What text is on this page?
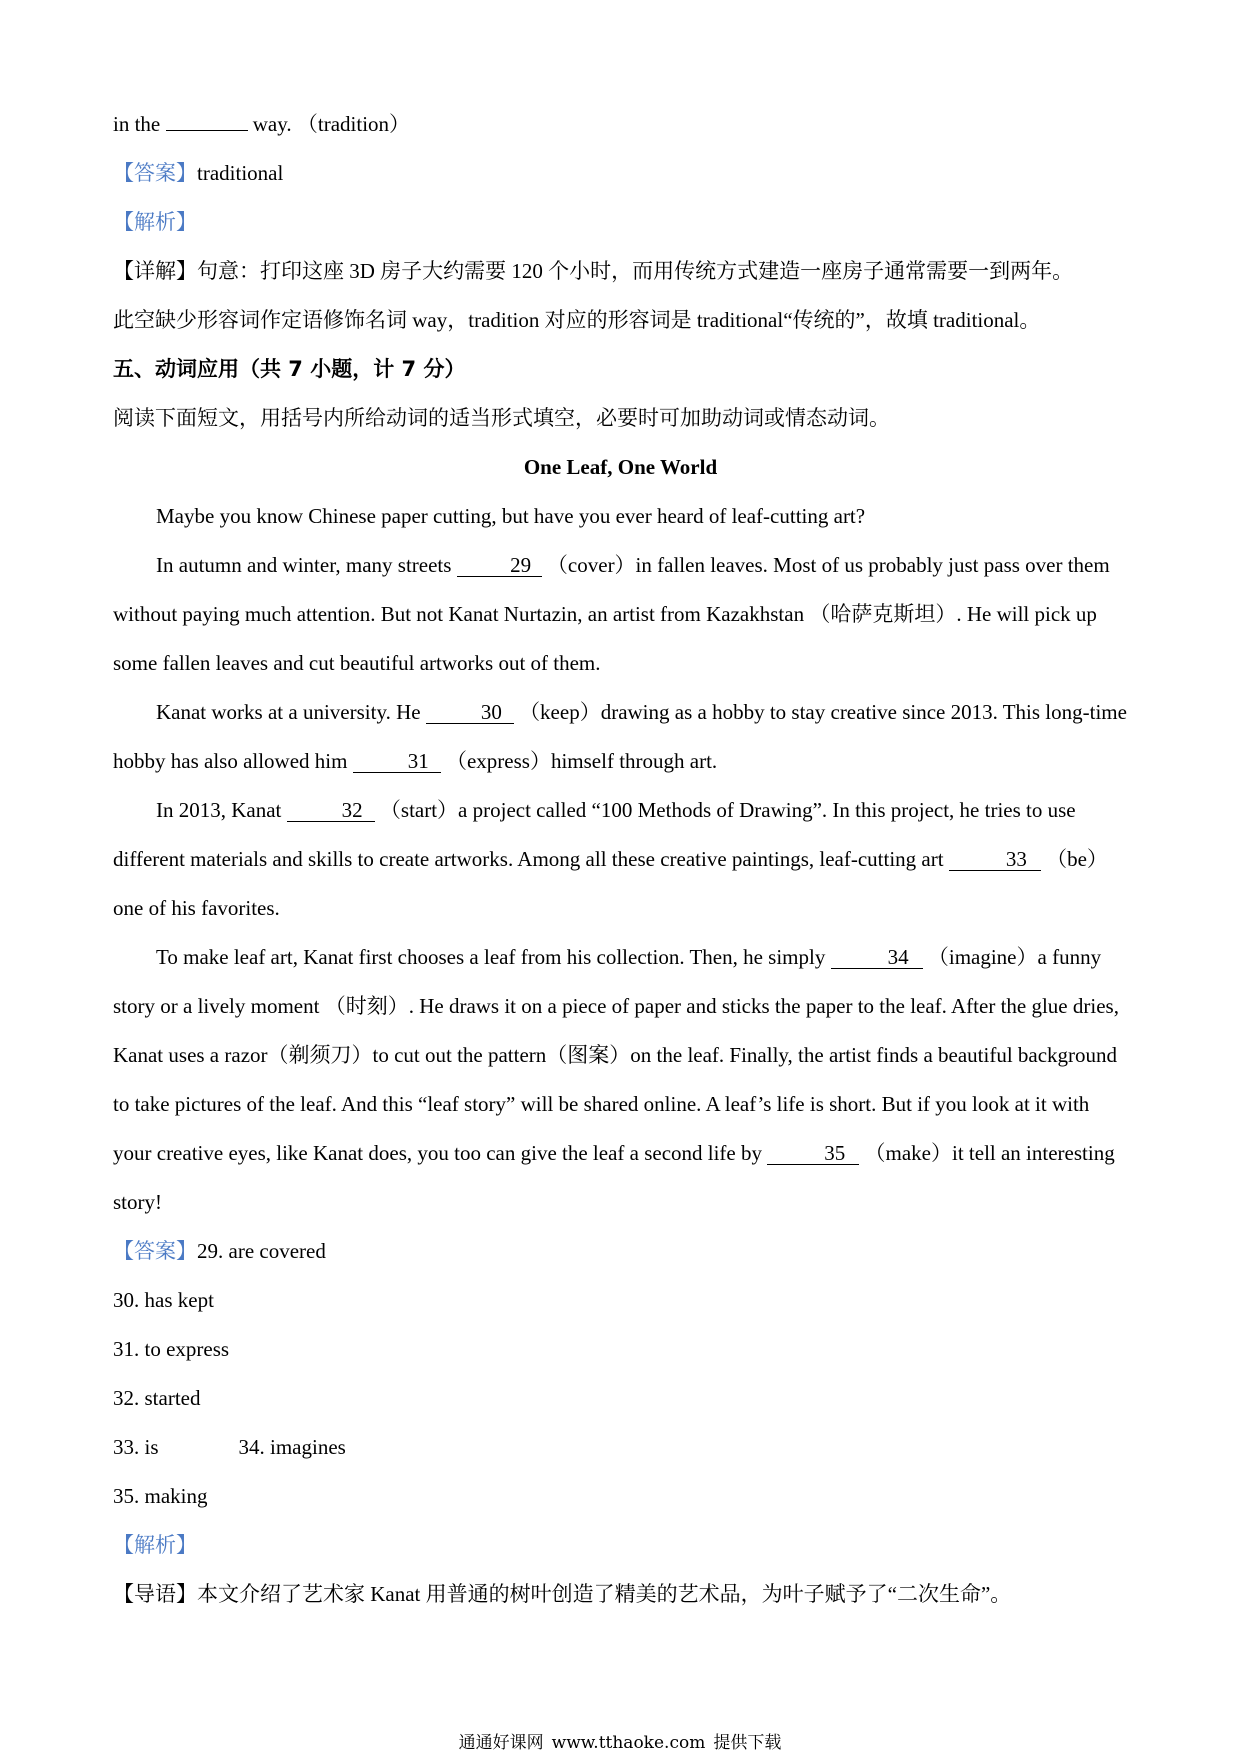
in the	way. （tradition）

【答案】traditional

【解析】

【详解】句意：打印这座 3D 房子大约需要 120 个小时，而用传统方式建造一座房子通常需要一到两年。

此空缺少形容词作定语修饰名词 way，tradition 对应的形容词是 traditional“传统的”，故填 traditional。

五、动词应用（共 7 小题，计 7 分）

阅读下面短文，用括号内所给动词的适当形式填空，必要时可加助动词或情态动词。

One Leaf, One World

Maybe you know Chinese paper cutting, but have you ever heard of leaf-cutting art?

In autumn and winter, many streets	29 （cover）in fallen leaves. Most of us probably just pass over them without paying much attention. But not Kanat Nurtazin, an artist from Kazakhstan （哈萨克斯坦）. He will pick up some fallen leaves and cut beautiful artworks out of them.

Kanat works at a university. He	30 （keep）drawing as a hobby to stay creative since 2013. This long-time hobby has also allowed him	31 （express）himself through art.

In 2013, Kanat	32 （start）a project called “100 Methods of Drawing”. In this project, he tries to use different materials and skills to create artworks. Among all these creative paintings, leaf-cutting art	33 （be）one of his favorites.

To make leaf art, Kanat first chooses a leaf from his collection. Then, he simply	34 （imagine）a funny story or a lively moment （时刻）. He draws it on a piece of paper and sticks the paper to the leaf. After the glue dries, Kanat uses a razor（剃须刀）to cut out the pattern（图案）on the leaf. Finally, the artist finds a beautiful background to take pictures of the leaf. And this “leaf story” will be shared online. A leaf’s life is short. But if you look at it with your creative eyes, like Kanat does, you too can give the leaf a second life by	35 （make）it tell an interesting story!

【答案】29. are covered

30. has kept

31. to express

32. started

33. is	34. imagines

35. making

【解析】

【导语】本文介绍了艺术家 Kanat 用普通的树叶创造了精美的艺术品，为叶子赋予了“二次生命”。

通通好课网 www.tthaoke.com 提供下载
